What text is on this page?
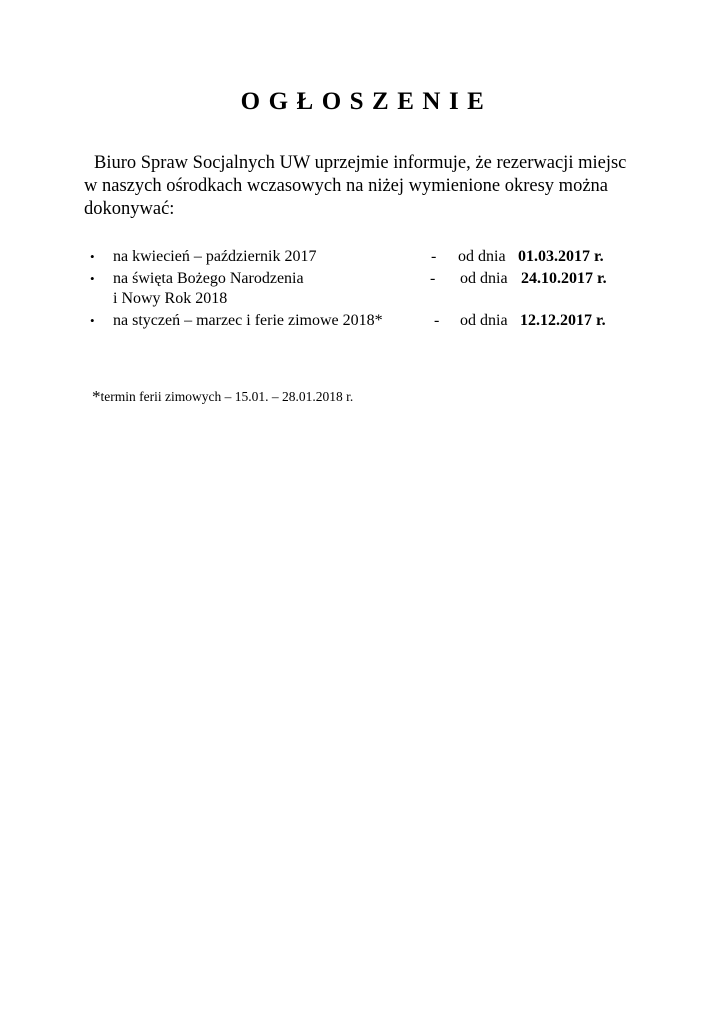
OGŁOSZENIE

Biuro Spraw Socjalnych UW uprzejmie informuje, że rezerwacji miejsc
w naszych ośrodkach wczasowych na niżej wymienione okresy można
dokonywać:

• na kwiecień – październik 2017	- od dnia 01.03.2017 r.
• na święta Bożego Narodzenia	- od dnia 24.10.2017 r.
i Nowy Rok 2018
• na styczeń – marzec i ferie zimowe 2018*	- od dnia 12.12.2017 r.
*termin ferii zimowych – 15.01. – 28.01.2018 r.
